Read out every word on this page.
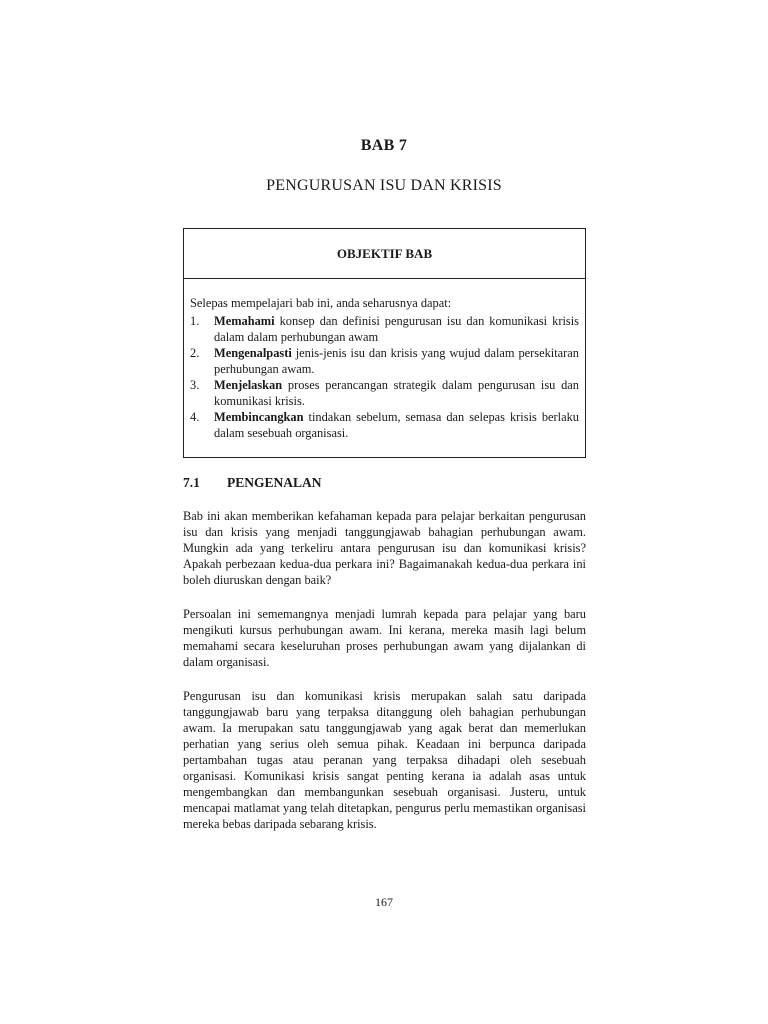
BAB 7
PENGURUSAN ISU DAN KRISIS
OBJEKTIF BAB

Selepas mempelajari bab ini, anda seharusnya dapat:

1. Memahami konsep dan definisi pengurusan isu dan komunikasi krisis dalam dalam perhubungan awam
2. Mengenalpasti jenis-jenis isu dan krisis yang wujud dalam persekitaran perhubungan awam.
3. Menjelaskan proses perancangan strategik dalam pengurusan isu dan komunikasi krisis.
4. Membincangkan tindakan sebelum, semasa dan selepas krisis berlaku dalam sesebuah organisasi.
7.1 PENGENALAN

Bab ini akan memberikan kefahaman kepada para pelajar berkaitan pengurusan isu dan krisis yang menjadi tanggungjawab bahagian perhubungan awam. Mungkin ada yang terkeliru antara pengurusan isu dan komunikasi krisis? Apakah perbezaan kedua-dua perkara ini? Bagaimanakah kedua-dua perkara ini boleh diuruskan dengan baik?

Persoalan ini sememangnya menjadi lumrah kepada para pelajar yang baru mengikuti kursus perhubungan awam. Ini kerana, mereka masih lagi belum memahami secara keseluruhan proses perhubungan awam yang dijalankan di dalam organisasi.

Pengurusan isu dan komunikasi krisis merupakan salah satu daripada tanggungjawab baru yang terpaksa ditanggung oleh bahagian perhubungan awam. Ia merupakan satu tanggungjawab yang agak berat dan memerlukan perhatian yang serius oleh semua pihak. Keadaan ini berpunca daripada pertambahan tugas atau peranan yang terpaksa dihadapi oleh sesebuah organisasi. Komunikasi krisis sangat penting kerana ia adalah asas untuk mengembangkan dan membangunkan sesebuah organisasi. Justeru, untuk mencapai matlamat yang telah ditetapkan, pengurus perlu memastikan organisasi mereka bebas daripada sebarang krisis.

167
